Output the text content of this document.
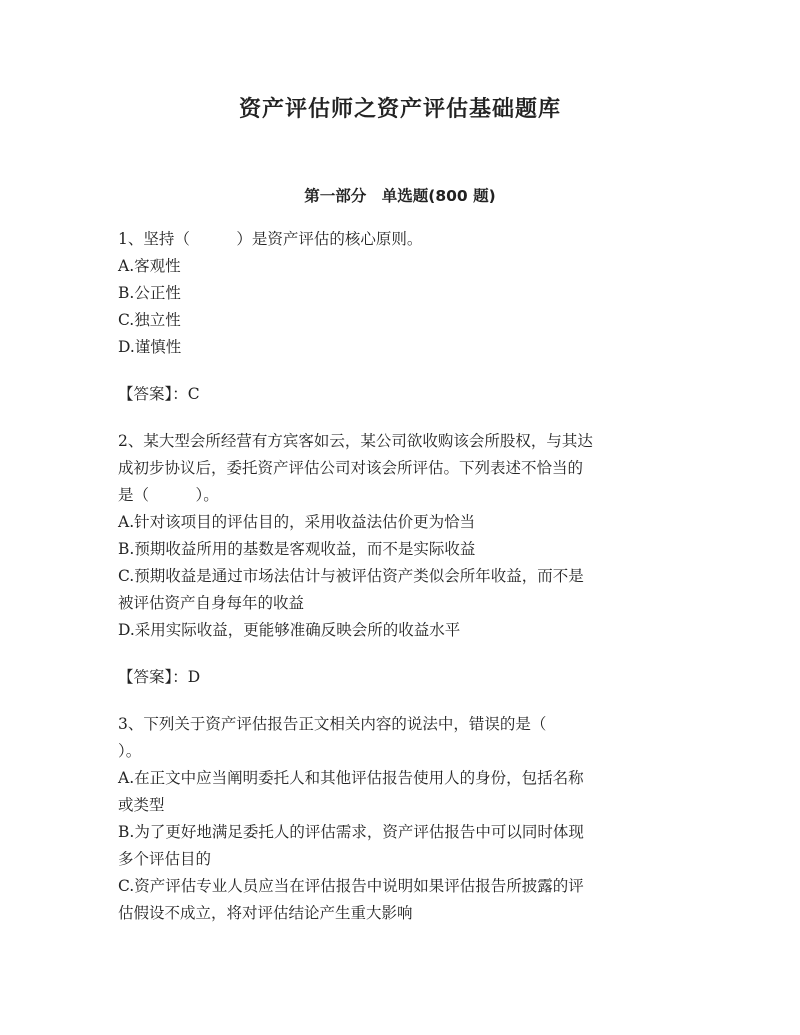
资产评估师之资产评估基础题库
第一部分　单选题(800 题)
1、坚持（　　　）是资产评估的核心原则。
A.客观性
B.公正性
C.独立性
D.谨慎性
【答案】：C
2、某大型会所经营有方宾客如云，某公司欲收购该会所股权，与其达
成初步协议后，委托资产评估公司对该会所评估。下列表述不恰当的
是（　　　）。
A.针对该项目的评估目的，采用收益法估价更为恰当
B.预期收益所用的基数是客观收益，而不是实际收益
C.预期收益是通过市场法估计与被评估资产类似会所年收益，而不是
被评估资产自身每年的收益
D.采用实际收益，更能够准确反映会所的收益水平
【答案】：D
3、下列关于资产评估报告正文相关内容的说法中，错误的是（
）。
A.在正文中应当阐明委托人和其他评估报告使用人的身份，包括名称
或类型
B.为了更好地满足委托人的评估需求，资产评估报告中可以同时体现
多个评估目的
C.资产评估专业人员应当在评估报告中说明如果评估报告所披露的评
估假设不成立，将对评估结论产生重大影响
